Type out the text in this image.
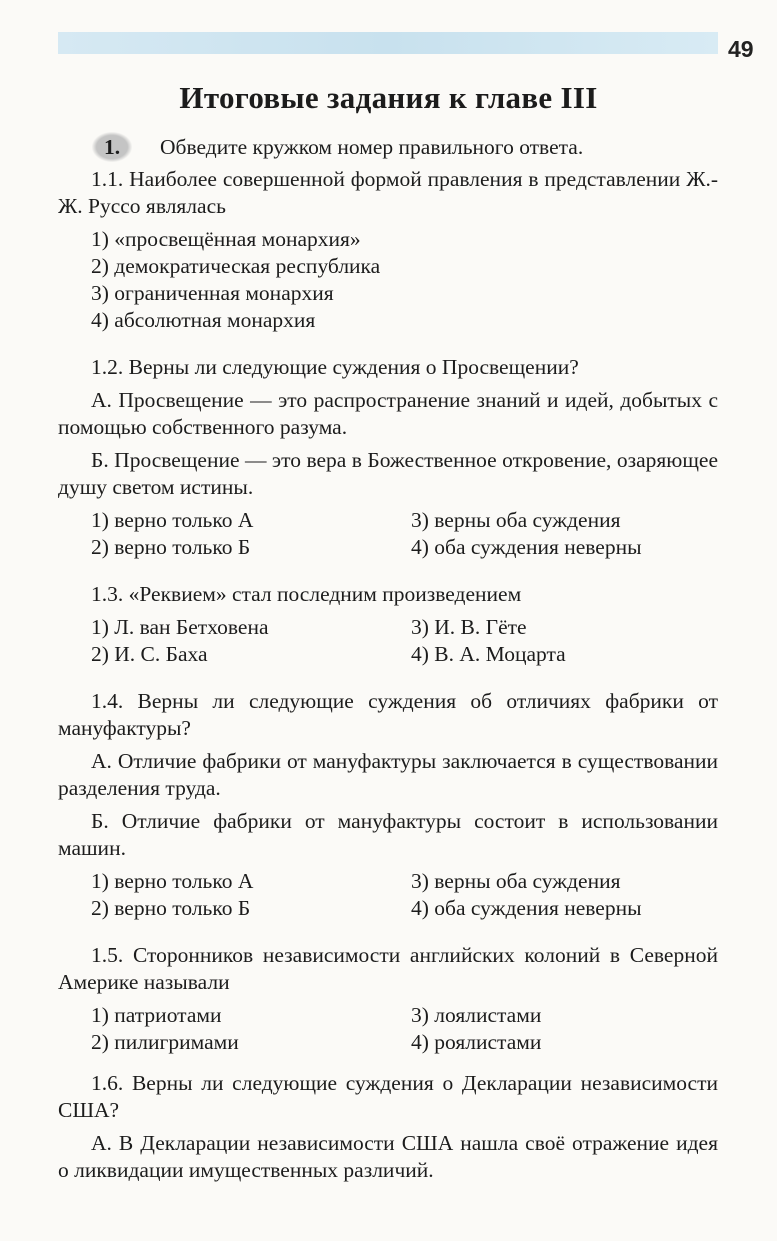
49
Итоговые задания к главе III

1.	Обведите кружком номер правильного ответа.

1.1. Наиболее совершенной формой правления в представлении Ж.-Ж. Руссо являлась

1) «просвещённая монархия»

2) демократическая республика

3) ограниченная монархия

4) абсолютная монархия

1.2. Верны ли следующие суждения о Просвещении?

А. Просвещение — это распространение знаний и идей, добытых с помощью собственного разума.

Б. Просвещение — это вера в Божественное откровение, озаряющее душу светом истины.

1) верно только А	3) верны оба суждения
2) верно только Б	4) оба суждения неверны

1.3. «Реквием» стал последним произведением

1) Л. ван Бетховена	3) И. В. Гёте
2) И. С. Баха	4) В. А. Моцарта

1.4. Верны ли следующие суждения об отличиях фабрики от мануфактуры?

А. Отличие фабрики от мануфактуры заключается в существовании разделения труда.

Б. Отличие фабрики от мануфактуры состоит в использовании машин.

1) верно только А	3) верны оба суждения
2) верно только Б	4) оба суждения неверны

1.5. Сторонников независимости английских колоний в Северной Америке называли

1) патриотами	3) лоялистами
2) пилигримами	4) роялистами

1.6. Верны ли следующие суждения о Декларации независимости США?

А. В Декларации независимости США нашла своё отражение идея о ликвидации имущественных различий.
